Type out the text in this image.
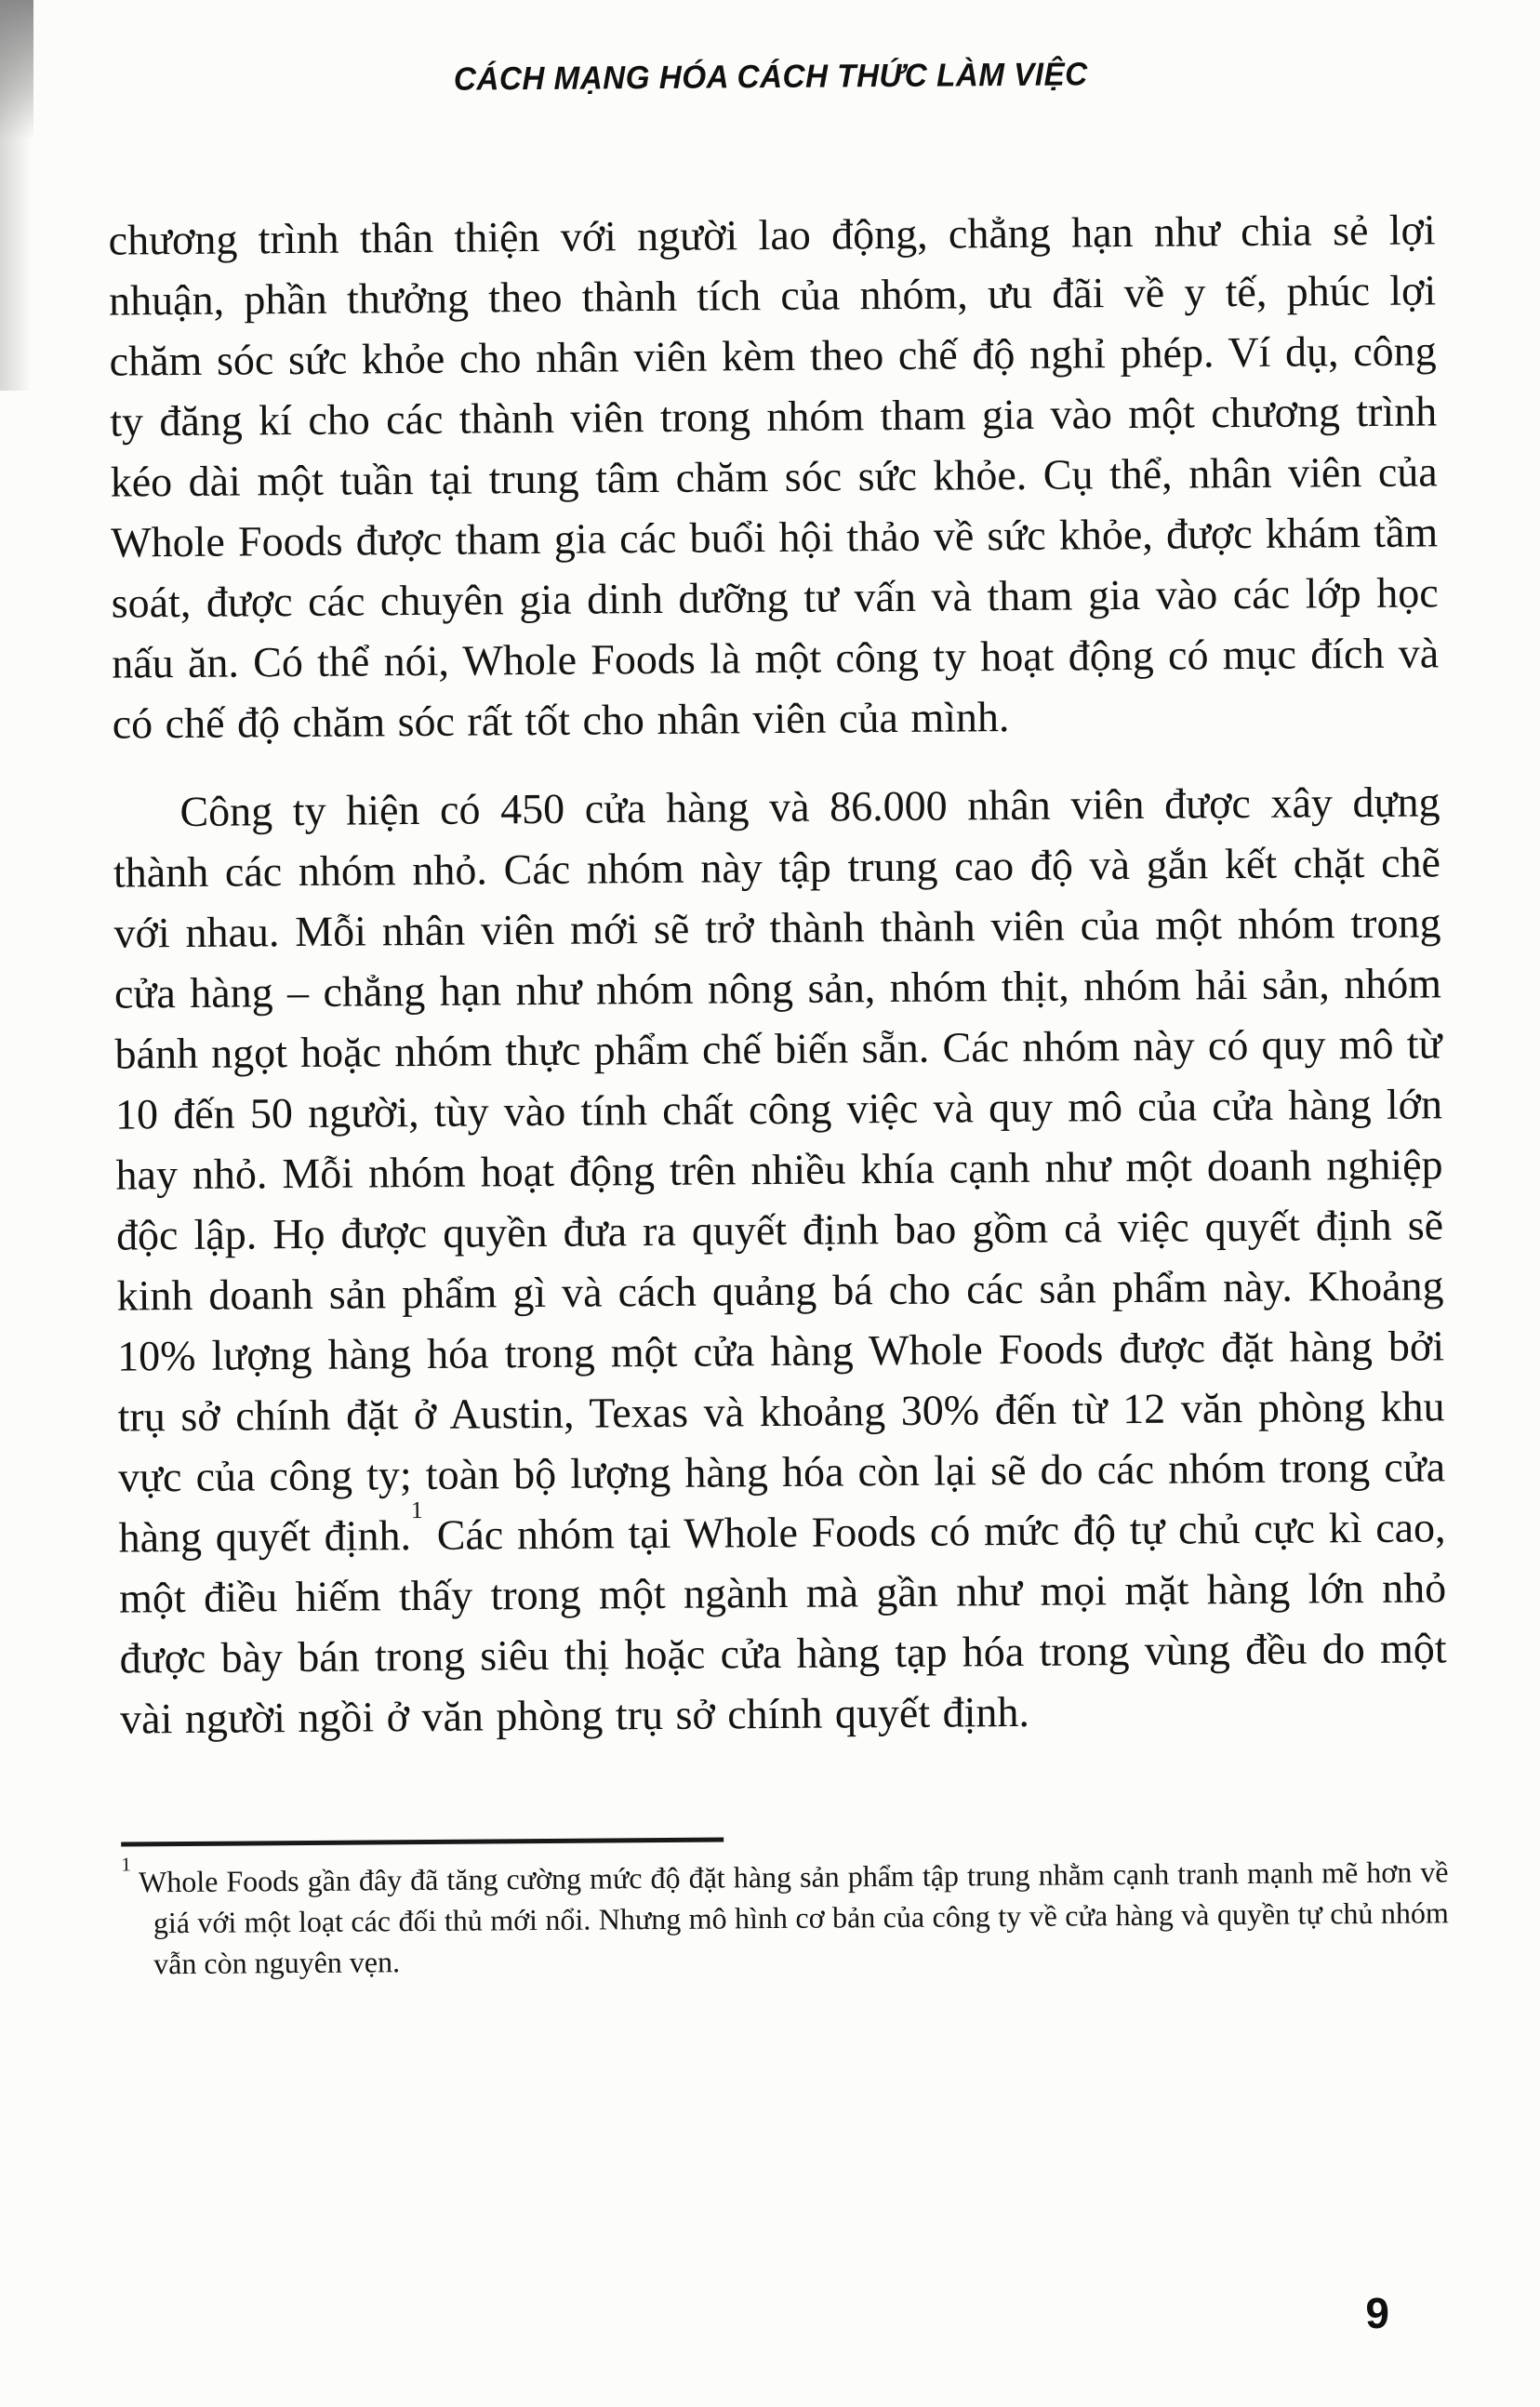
CÁCH MẠNG HÓA CÁCH THỨC LÀM VIỆC

chương trình thân thiện với người lao động, chẳng hạn như chia sẻ lợi nhuận, phần thưởng theo thành tích của nhóm, ưu đãi về y tế, phúc lợi chăm sóc sức khỏe cho nhân viên kèm theo chế độ nghỉ phép. Ví dụ, công ty đăng kí cho các thành viên trong nhóm tham gia vào một chương trình kéo dài một tuần tại trung tâm chăm sóc sức khỏe. Cụ thể, nhân viên của Whole Foods được tham gia các buổi hội thảo về sức khỏe, được khám tầm soát, được các chuyên gia dinh dưỡng tư vấn và tham gia vào các lớp học nấu ăn. Có thể nói, Whole Foods là một công ty hoạt động có mục đích và có chế độ chăm sóc rất tốt cho nhân viên của mình.

Công ty hiện có 450 cửa hàng và 86.000 nhân viên được xây dựng thành các nhóm nhỏ. Các nhóm này tập trung cao độ và gắn kết chặt chẽ với nhau. Mỗi nhân viên mới sẽ trở thành thành viên của một nhóm trong cửa hàng – chẳng hạn như nhóm nông sản, nhóm thịt, nhóm hải sản, nhóm bánh ngọt hoặc nhóm thực phẩm chế biến sẵn. Các nhóm này có quy mô từ 10 đến 50 người, tùy vào tính chất công việc và quy mô của cửa hàng lớn hay nhỏ. Mỗi nhóm hoạt động trên nhiều khía cạnh như một doanh nghiệp độc lập. Họ được quyền đưa ra quyết định bao gồm cả việc quyết định sẽ kinh doanh sản phẩm gì và cách quảng bá cho các sản phẩm này. Khoảng 10% lượng hàng hóa trong một cửa hàng Whole Foods được đặt hàng bởi trụ sở chính đặt ở Austin, Texas và khoảng 30% đến từ 12 văn phòng khu vực của công ty; toàn bộ lượng hàng hóa còn lại sẽ do các nhóm trong cửa hàng quyết định.$^1$ Các nhóm tại Whole Foods có mức độ tự chủ cực kì cao, một điều hiếm thấy trong một ngành mà gần như mọi mặt hàng lớn nhỏ được bày bán trong siêu thị hoặc cửa hàng tạp hóa trong vùng đều do một vài người ngồi ở văn phòng trụ sở chính quyết định.

$^1$ Whole Foods gần đây đã tăng cường mức độ đặt hàng sản phẩm tập trung nhằm cạnh tranh mạnh mẽ hơn về giá với một loạt các đối thủ mới nổi. Nhưng mô hình cơ bản của công ty về cửa hàng và quyền tự chủ nhóm vẫn còn nguyên vẹn.
9
